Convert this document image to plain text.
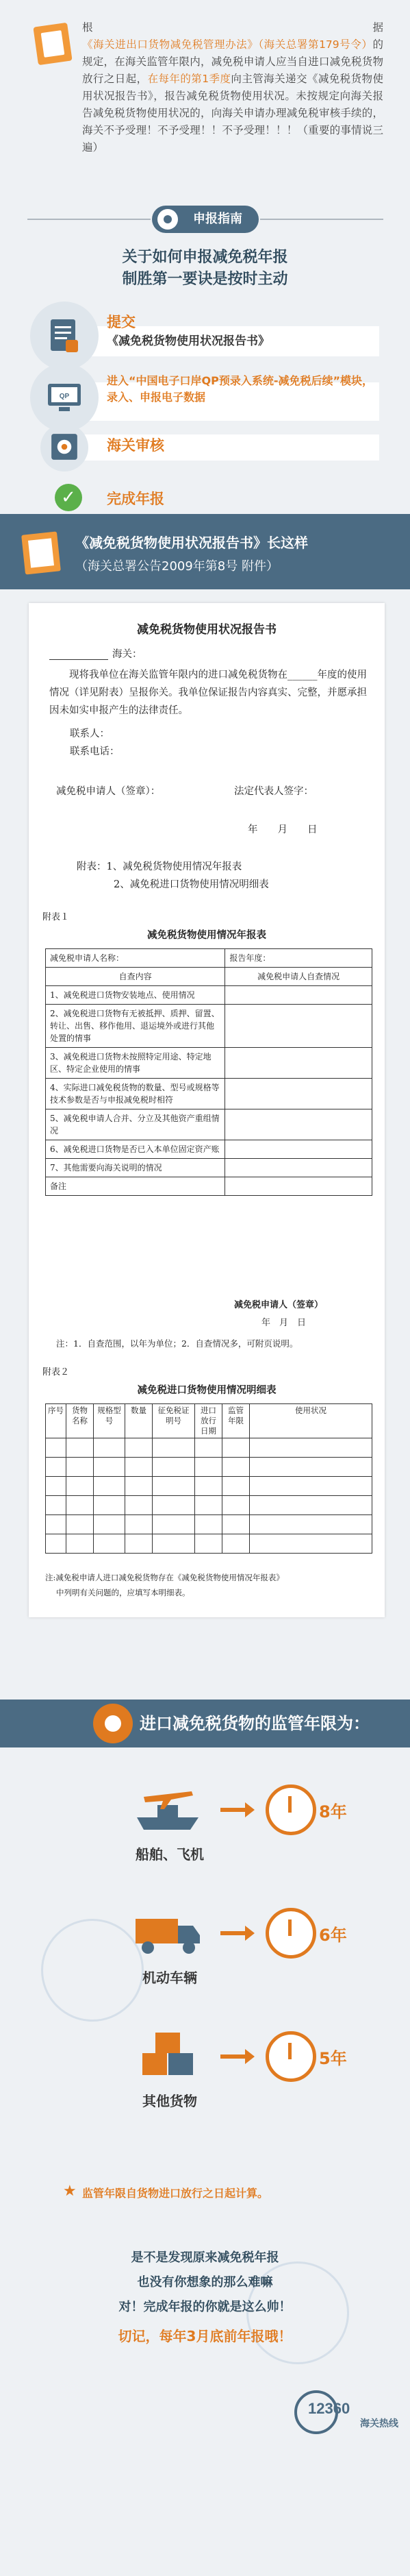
根据《海关进出口货物减免税管理办法》（海关总署第179号令）的规定，在海关监管年限内，减免税申请人应当自进口减免税货物放行之日起，在每年的第1季度向主管海关递交《减免税货物使用状况报告书》，报告减免税货物使用状况。未按规定向海关报告减免税货物使用状况的，向海关申请办理减免税审核手续的，海关不予受理！不予受理！！不予受理！！！（重要的事情说三遍）

申报指南
关于如何申报减免税年报
制胜第一要诀是按时主动
提交
《减免税货物使用状况报告书》
QP
进入“中国电子口岸QP预录入系统-减免税后续”模块，录入、申报电子数据
海关审核
《减免税货物使用状况报告书》长这样
（海关总署公告2009年第8号 附件）
减免税货物使用状况报告书
海关：
现将我单位在海关监管年限内的进口减免税货物在______年度的使用情况（详见附表）呈报你关。我单位保证报告内容真实、完整，并愿承担因未如实申报产生的法律责任。
联系人：
联系电话：
减免税申请人（签章）：	法定代表人签字：
年　　月　　日
附表：1、减免税货物使用情况年报表
2、减免税进口货物使用情况明细表
附表１
减免税货物使用情况年报表
减免税申请人名称：	报告年度：
自查内容	减免税申请人自查情况
1、减免税进口货物安装地点、使用情况	
2、减免税进口货物有无被抵押、质押、留置、转让、出售、移作他用、退运境外或进行其他处置的情事	
3、减免税进口货物未按照特定用途、特定地区、特定企业使用的情事	
4、实际进口减免税货物的数量、型号或规格等技术参数是否与申报减免税时相符	
5、减免税申请人合并、分立及其他资产重组情况	
6、减免税进口货物是否已入本单位固定资产账	
7、其他需要向海关说明的情况	
备注	
减免税申请人（签章）
年　月　日
注：1．自查范围，以年为单位；2．自查情况多，可附页说明。
附表２
减免税进口货物使用情况明细表
序号	货物名称	规格型号	数量	征免税证明号	进口放行日期	监管年限	使用状况

注:减免税申请人进口减免税货物存在《减免税货物使用情况年报表》
中列明有关问题的，应填写本明细表。
进口减免税货物的监管年限为：
船舶、飞机
8年
机动车辆
6年
其他货物
5年
★ 监管年限自货物进口放行之日起计算。
是不是发现原来减免税年报
也没有你想象的那么难嘛
对！完成年报的你就是这么帅！
切记，每年3月底前年报哦！
12360
海关热线
✓	完成年报
